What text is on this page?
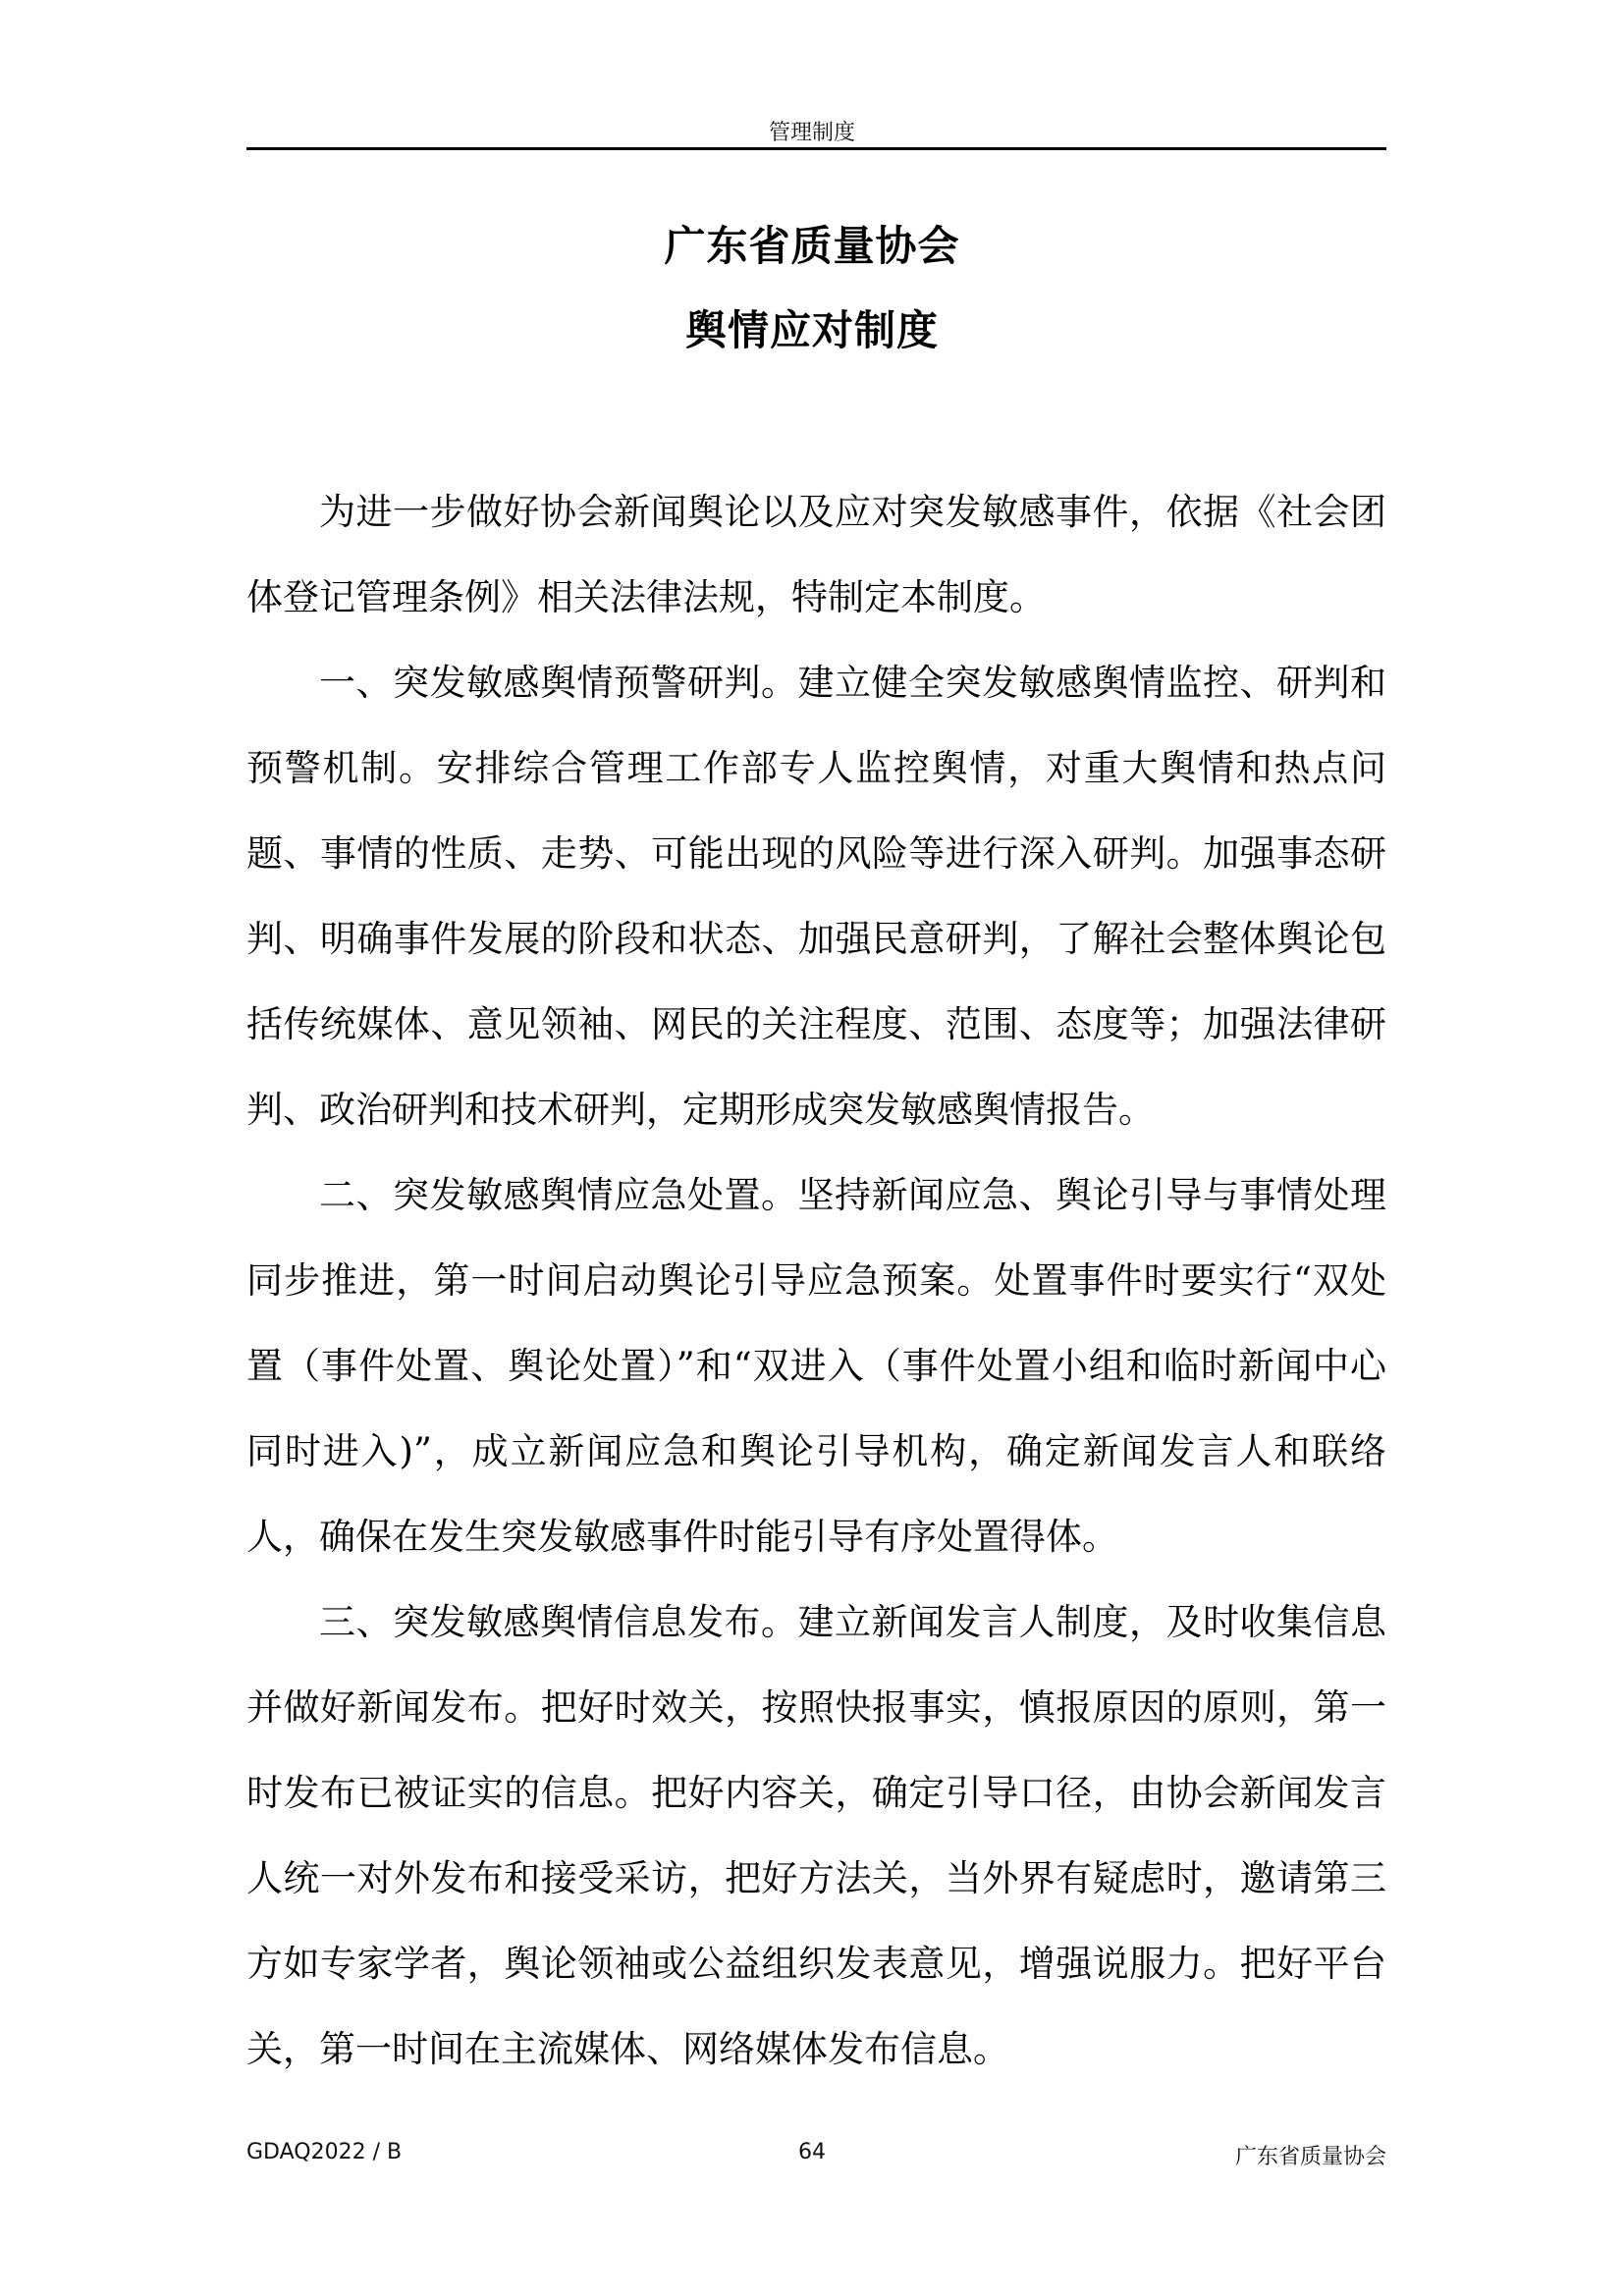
管理制度
广东省质量协会
舆情应对制度

为进一步做好协会新闻舆论以及应对突发敏感事件，依据《社会团体登记管理条例》相关法律法规，特制定本制度。

一、突发敏感舆情预警研判。建立健全突发敏感舆情监控、研判和预警机制。安排综合管理工作部专人监控舆情，对重大舆情和热点问题、事情的性质、走势、可能出现的风险等进行深入研判。加强事态研判、明确事件发展的阶段和状态、加强民意研判，了解社会整体舆论包括传统媒体、意见领袖、网民的关注程度、范围、态度等；加强法律研判、政治研判和技术研判，定期形成突发敏感舆情报告。

二、突发敏感舆情应急处置。坚持新闻应急、舆论引导与事情处理同步推进，第一时间启动舆论引导应急预案。处置事件时要实行“双处置（事件处置、舆论处置）”和“双进入（事件处置小组和临时新闻中心同时进入)”，成立新闻应急和舆论引导机构，确定新闻发言人和联络人，确保在发生突发敏感事件时能引导有序处置得体。

三、突发敏感舆情信息发布。建立新闻发言人制度，及时收集信息并做好新闻发布。把好时效关，按照快报事实，慎报原因的原则，第一时发布已被证实的信息。把好内容关，确定引导口径，由协会新闻发言人统一对外发布和接受采访，把好方法关，当外界有疑虑时，邀请第三方如专家学者，舆论领袖或公益组织发表意见，增强说服力。把好平台关，第一时间在主流媒体、网络媒体发布信息。

GDAQ2022 / B	64	广东省质量协会
